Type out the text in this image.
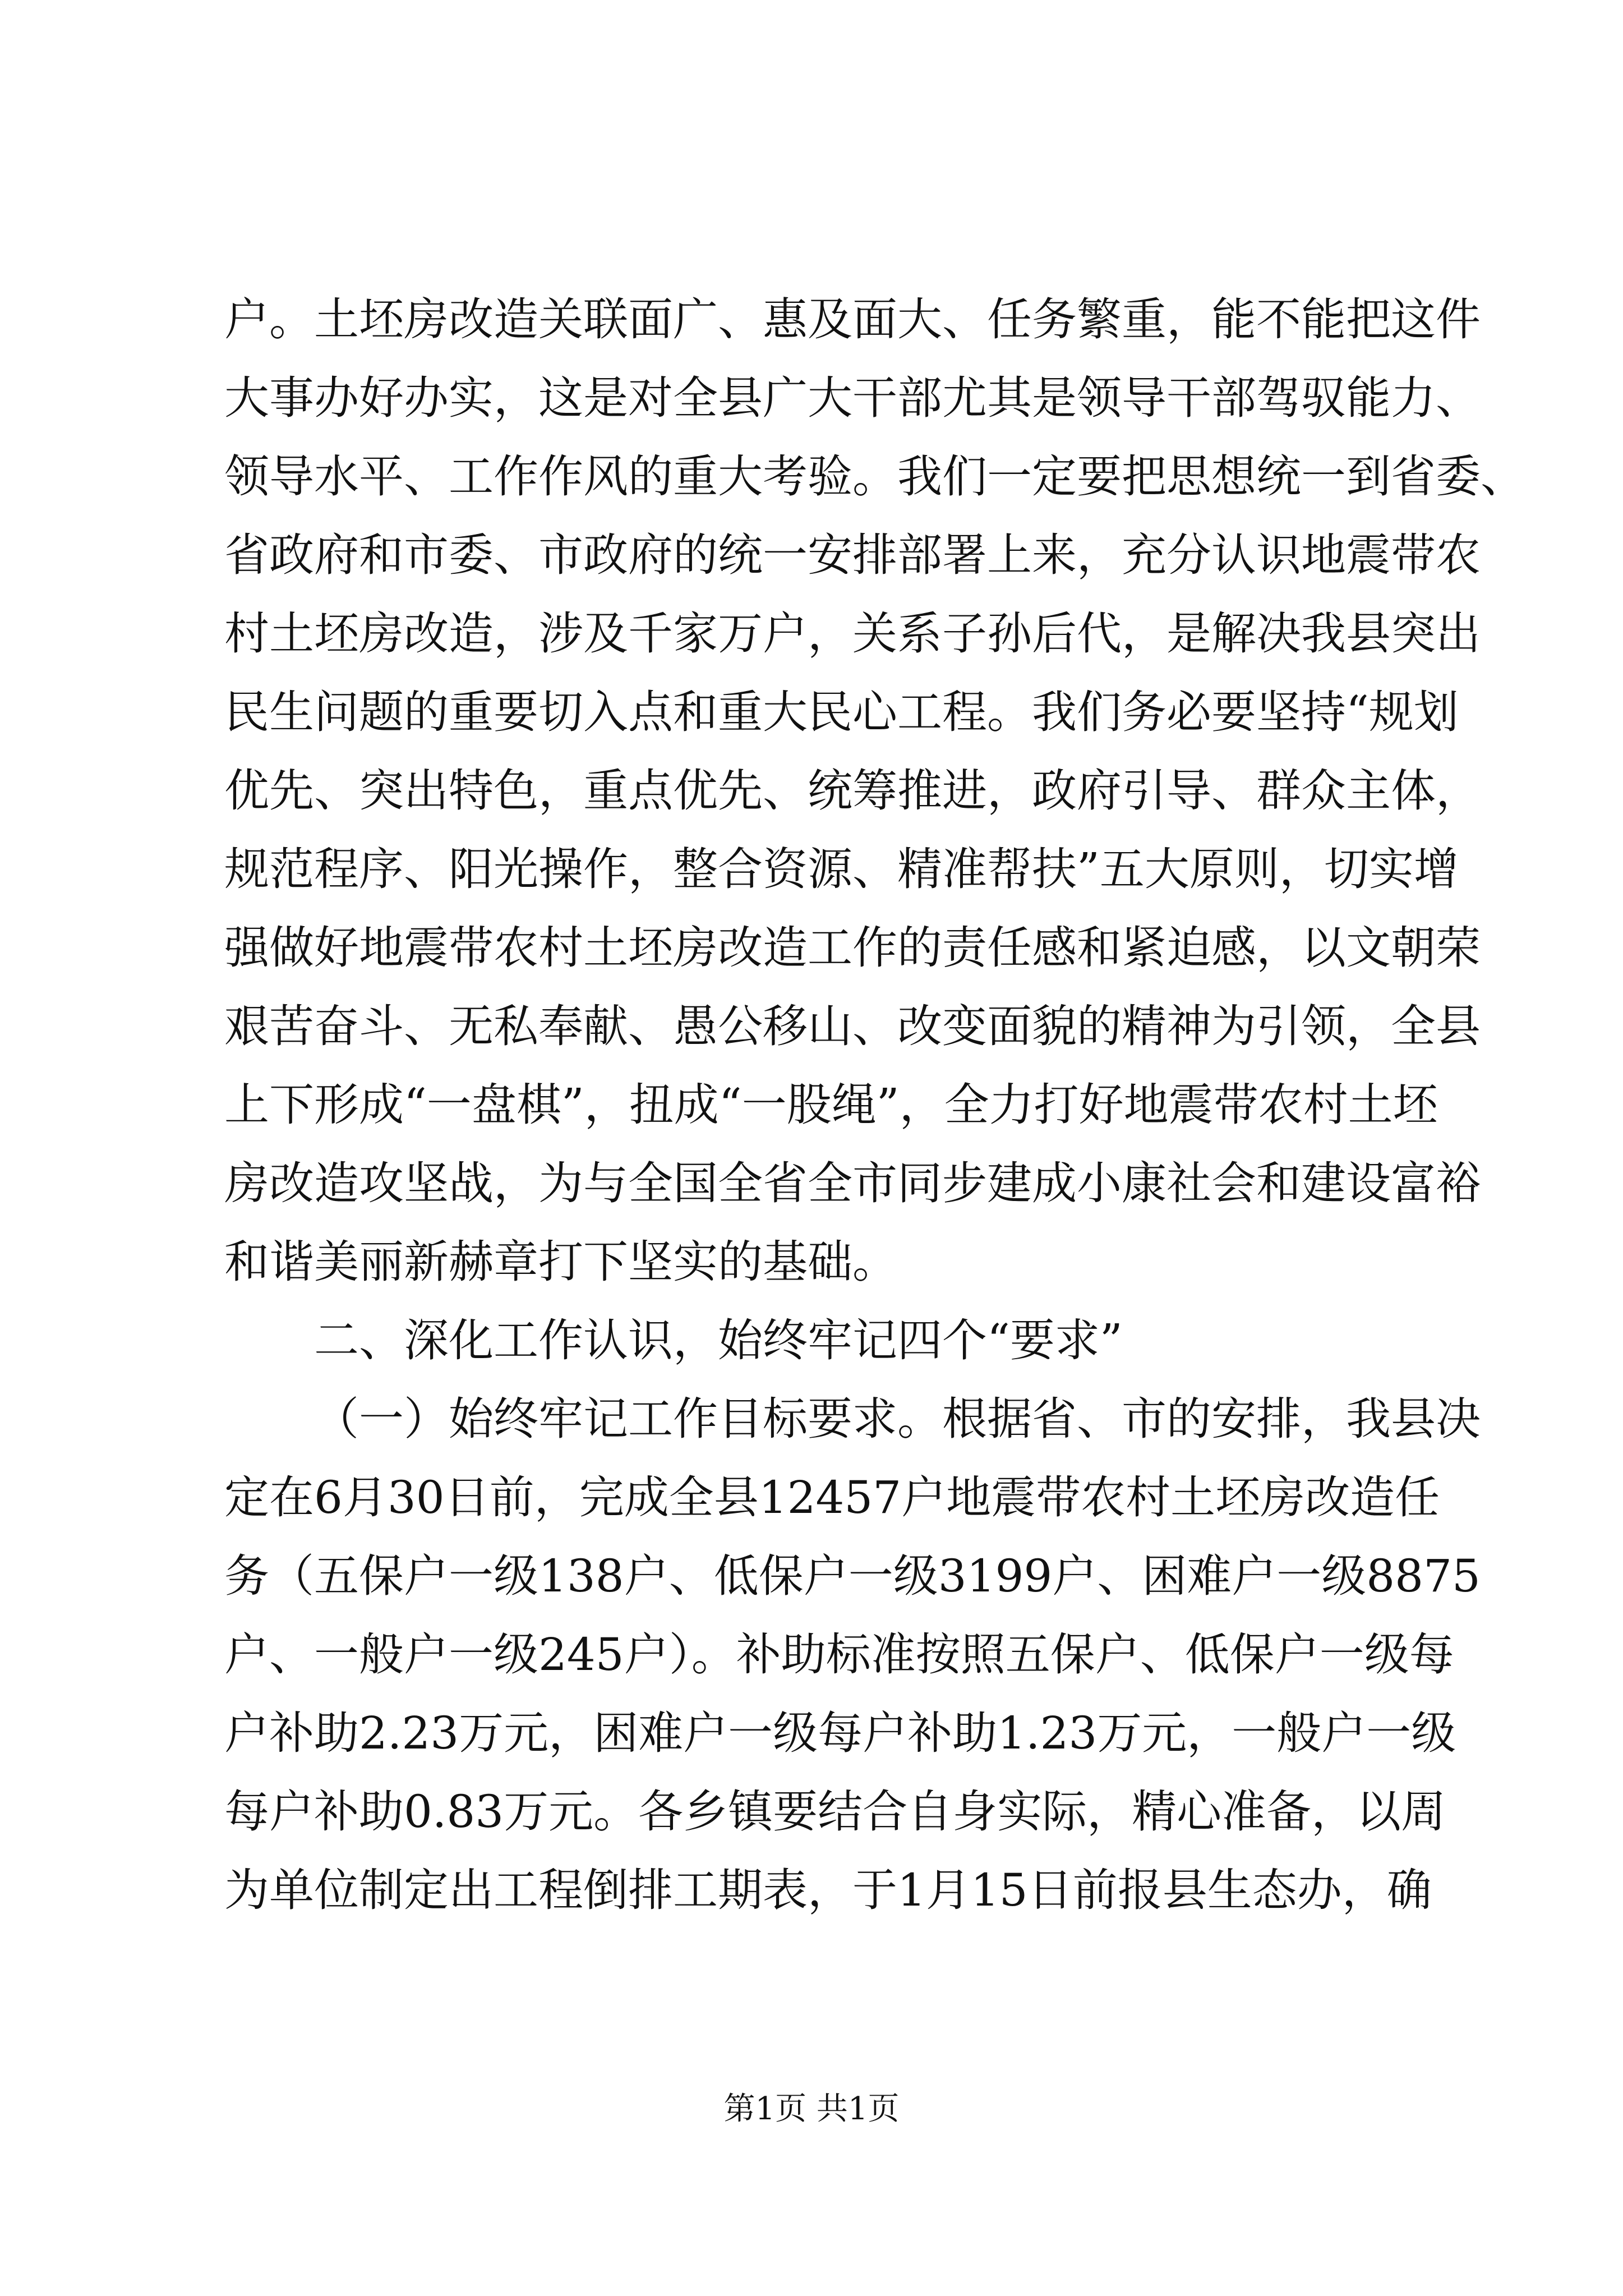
户。土坯房改造关联面广、惠及面大、任务繁重，能不能把这件
大事办好办实，这是对全县广大干部尤其是领导干部驾驭能力、
领导水平、工作作风的重大考验。我们一定要把思想统一到省委、
省政府和市委、市政府的统一安排部署上来，充分认识地震带农
村土坯房改造，涉及千家万户，关系子孙后代，是解决我县突出
民生问题的重要切入点和重大民心工程。我们务必要坚持“规划
优先、突出特色，重点优先、统筹推进，政府引导、群众主体，
规范程序、阳光操作，整合资源、精准帮扶”五大原则，切实增
强做好地震带农村土坯房改造工作的责任感和紧迫感，以文朝荣
艰苦奋斗、无私奉献、愚公移山、改变面貌的精神为引领，全县
上下形成“一盘棋”，扭成“一股绳”，全力打好地震带农村土坯
房改造攻坚战，为与全国全省全市同步建成小康社会和建设富裕
和谐美丽新赫章打下坚实的基础。
二、深化工作认识，始终牢记四个“要求”
（一）始终牢记工作目标要求。根据省、市的安排，我县决
定在6月30日前，完成全县12457户地震带农村土坯房改造任
务（五保户一级138户、低保户一级3199户、困难户一级8875
户、一般户一级245户）。补助标准按照五保户、低保户一级每
户补助2.23万元，困难户一级每户补助1.23万元，一般户一级
每户补助0.83万元。各乡镇要结合自身实际，精心准备，以周
为单位制定出工程倒排工期表，于1月15日前报县生态办，确
第1页 共1页
